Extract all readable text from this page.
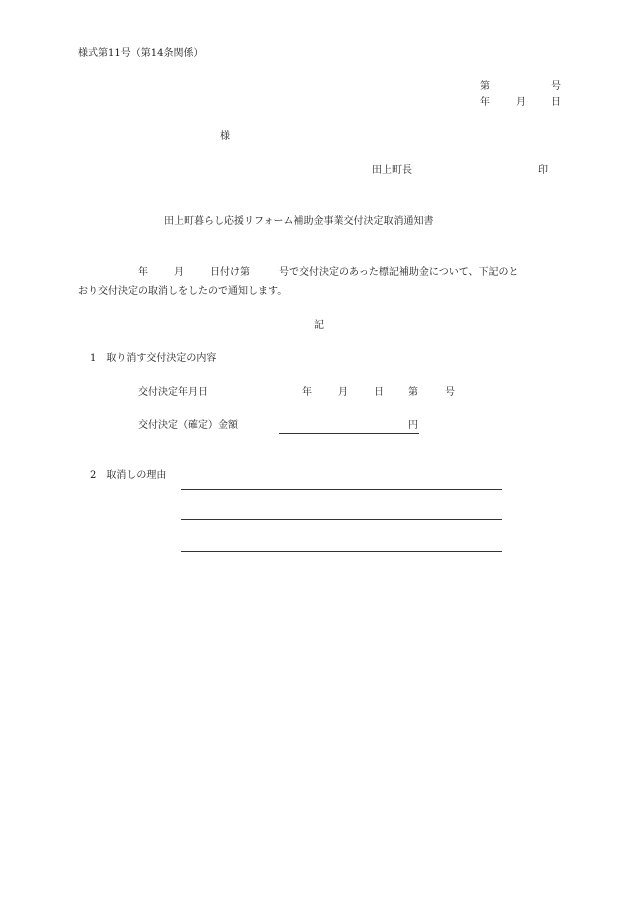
様式第11号（第14条関係）
第	号
年	月	日
様
田上町長	印
田上町暮らし応援リフォーム補助金事業交付決定取消通知書
年	月	日付け第	号で交付決定のあった標記補助金について、下記のと
おり交付決定の取消しをしたので通知します。
記
1　取り消す交付決定の内容
交付決定年月日	年	月	日 第	号
交付決定（確定）金額	円
2　取消しの理由
